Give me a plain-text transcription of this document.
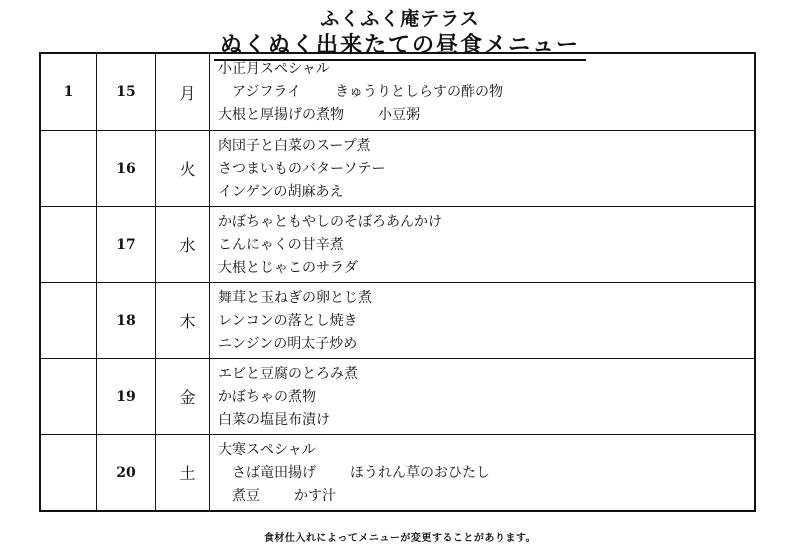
ふくふく庵テラス
ぬくぬく出来たての昼食メニュー
1	15	月
小正月スペシャル
アジフライ きゅうりとしらすの酢の物
大根と厚揚げの煮物 小豆粥
16	火
肉団子と白菜のスープ煮
さつまいものバターソテー
インゲンの胡麻あえ
17	水
かぼちゃともやしのそぼろあんかけ
こんにゃくの甘辛煮
大根とじゃこのサラダ
18	木
舞茸と玉ねぎの卵とじ煮
レンコンの落とし焼き
ニンジンの明太子炒め
19	金
エビと豆腐のとろみ煮
かぼちゃの煮物
白菜の塩昆布漬け
20	土
大寒スペシャル
さば竜田揚げ ほうれん草のおひたし
煮豆 かす汁
食材仕入れによってメニューが変更することがあります。
